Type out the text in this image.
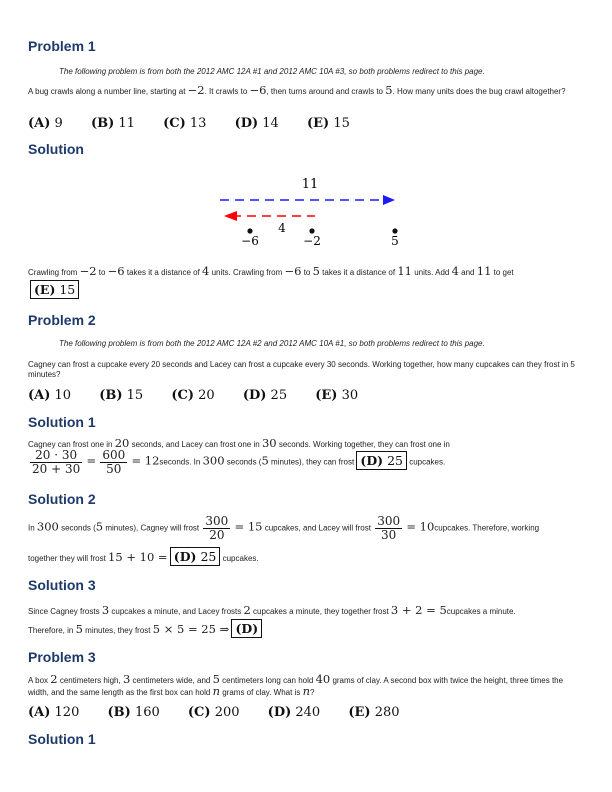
Problem 1
The following problem is from both the 2012 AMC 12A #1 and 2012 AMC 10A #3, so both problems redirect to this page.
A bug crawls along a number line, starting at −2. It crawls to −6, then turns around and crawls to 5. How many units does the bug crawl altogether?
(A) 9 (B) 11 (C) 13 (D) 14 (E) 15
Solution
11
4
−6	−2	5
Crawling from −2 to −6 takes it a distance of 4 units. Crawling from −6 to 5 takes it a distance of 11 units. Add 4 and 11 to get
(E) 15
Problem 2
The following problem is from both the 2012 AMC 12A #2 and 2012 AMC 10A #1, so both problems redirect to this page.
Cagney can frost a cupcake every 20 seconds and Lacey can frost a cupcake every 30 seconds. Working together, how many cupcakes can they frost in 5 minutes?
(A) 10 (B) 15 (C) 20 (D) 25 (E) 30
Solution 1
Cagney can frost one in 20 seconds, and Lacey can frost one in 30 seconds. Working together, they can frost one in
$\frac{20 \cdot 30}{20 + 30} = \frac{600}{50}$ = 12seconds. In 300 seconds (5 minutes), they can frost (D) 25 cupcakes.
Solution 2
In 300 seconds (5 minutes), Cagney will frost $\frac{300}{20} = 15$ cupcakes, and Lacey will frost $\frac{300}{30}$ = 10cupcakes. Therefore, working
together they will frost 15 + 10 = (D) 25 cupcakes.
Solution 3
Since Cagney frosts 3 cupcakes a minute, and Lacey frosts 2 cupcakes a minute, they together frost 3 + 2 = 5cupcakes a minute.
Therefore, in 5 minutes, they frost 5 × 5 = 25 ⇒ (D)
Problem 3
A box 2 centimeters high, 3 centimeters wide, and 5 centimeters long can hold 40 grams of clay. A second box with twice the height, three times the width, and the same length as the first box can hold n grams of clay. What is n?
(A) 120 (B) 160 (C) 200 (D) 240 (E) 280
Solution 1
